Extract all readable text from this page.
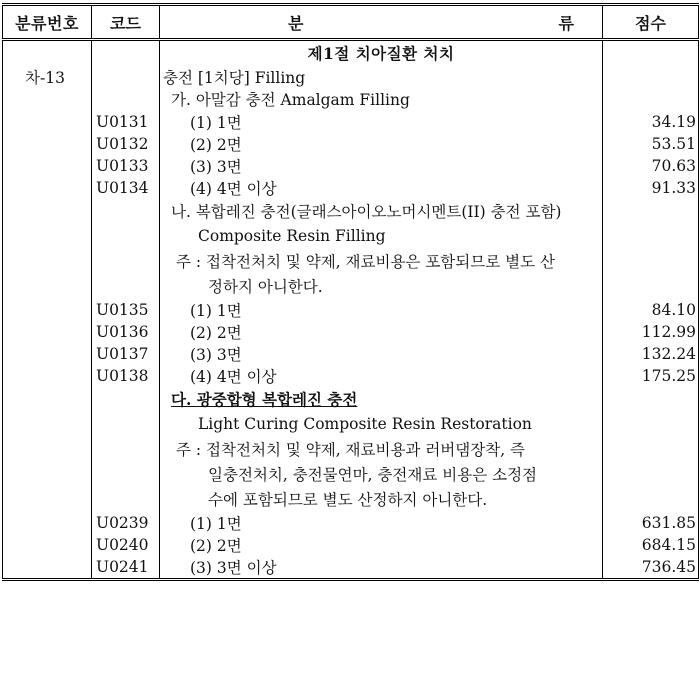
분류번호	코드	분 류	점수
		제1절 치아질환 처치	
차-13		충전 [1치당] Filling	
		가. 아말감 충전 Amalgam Filling	
	U0131	(1) 1면	34.19
	U0132	(2) 2면	53.51
	U0133	(3) 3면	70.63
	U0134	(4) 4면 이상	91.33
		나. 복합레진 충전(글래스아이오노머시멘트(II) 충전 포함)	
		Composite Resin Filling	
		주 : 접착전처치 및 약제, 재료비용은 포함되므로 별도 산	
		정하지 아니한다.	
	U0135	(1) 1면	84.10
	U0136	(2) 2면	112.99
	U0137	(3) 3면	132.24
	U0138	(4) 4면 이상	175.25
		다. 광중합형 복합레진 충전	
		Light Curing Composite Resin Restoration	
		주 : 접착전처치 및 약제, 재료비용과 러버댐장착, 즉	
		일충전처치, 충전물연마, 충전재료 비용은 소정점	
		수에 포함되므로 별도 산정하지 아니한다.	
	U0239	(1) 1면	631.85
	U0240	(2) 2면	684.15
	U0241	(3) 3면 이상	736.45
